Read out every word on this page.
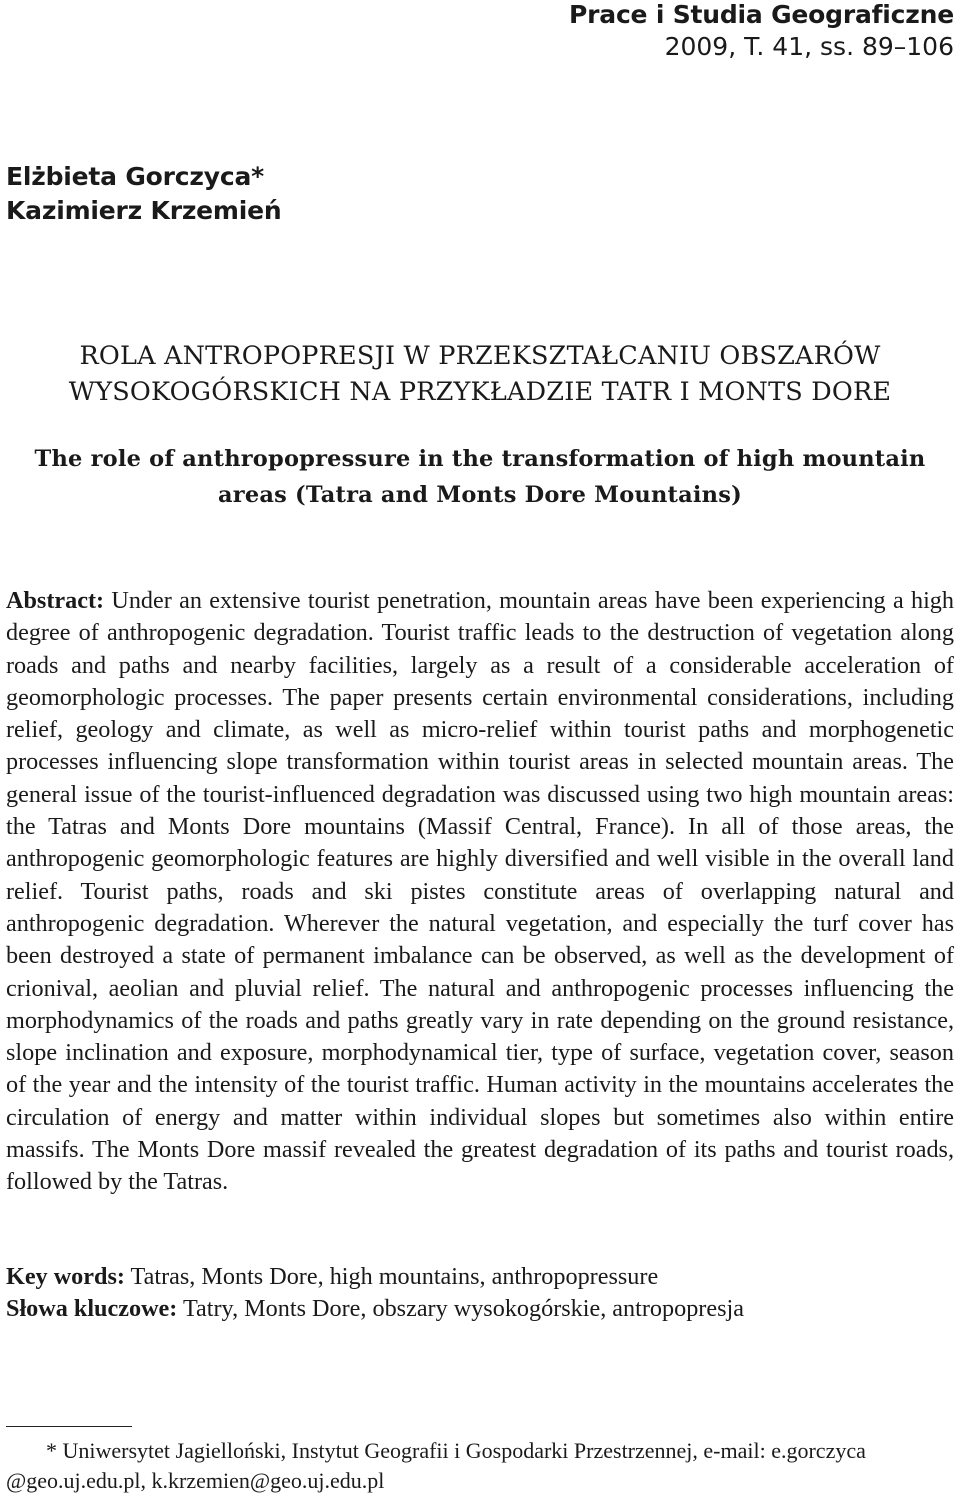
Prace i Studia Geograficzne
2009, T. 41, ss. 89–106
Elżbieta Gorczyca*
Kazimierz Krzemień
ROLA ANTROPOPRESJI W PRZEKSZTAŁCANIU OBSZARÓW
WYSOKOGÓRSKICH NA PRZYKŁADZIE TATR I MONTS DORE
The role of anthropopressure in the transformation of high mountain
areas (Tatra and Monts Dore Mountains)

Abstract: Under an extensive tourist penetration, mountain areas have been experiencing a high degree of anthropogenic degradation. Tourist traffic leads to the destruction of vegetation along roads and paths and nearby facilities, largely as a result of a considerable acceleration of geomorphologic processes. The paper presents certain environmental considerations, including relief, geology and climate, as well as micro-relief within tourist paths and morphogenetic processes influencing slope transformation within tourist areas in selected mountain areas. The general issue of the tourist-influenced degradation was discussed using two high mountain areas: the Tatras and Monts Dore mountains (Massif Central, France). In all of those areas, the anthropogenic geomorphologic features are highly diversified and well visible in the overall land relief. Tourist paths, roads and ski pistes constitute areas of overlapping natural and anthropogenic degradation. Wherever the natural vegetation, and especially the turf cover has been destroyed a state of permanent imbalance can be observed, as well as the development of crionival, aeolian and pluvial relief. The natural and anthropogenic processes influencing the morphodynamics of the roads and paths greatly vary in rate depending on the ground resistance, slope inclination and exposure, morphodynamical tier, type of surface, vegetation cover, season of the year and the intensity of the tourist traffic. Human activity in the mountains accelerates the circulation of energy and matter within individual slopes but sometimes also within entire massifs. The Monts Dore massif revealed the greatest degradation of its paths and tourist roads, followed by the Tatras.

Key words: Tatras, Monts Dore, high mountains, anthropopressure
Słowa kluczowe: Tatry, Monts Dore, obszary wysokogórskie, antropopresja
* Uniwersytet Jagielloński, Instytut Geografii i Gospodarki Przestrzennej, e-mail: e.gorczyca
@geo.uj.edu.pl, k.krzemien@geo.uj.edu.pl
